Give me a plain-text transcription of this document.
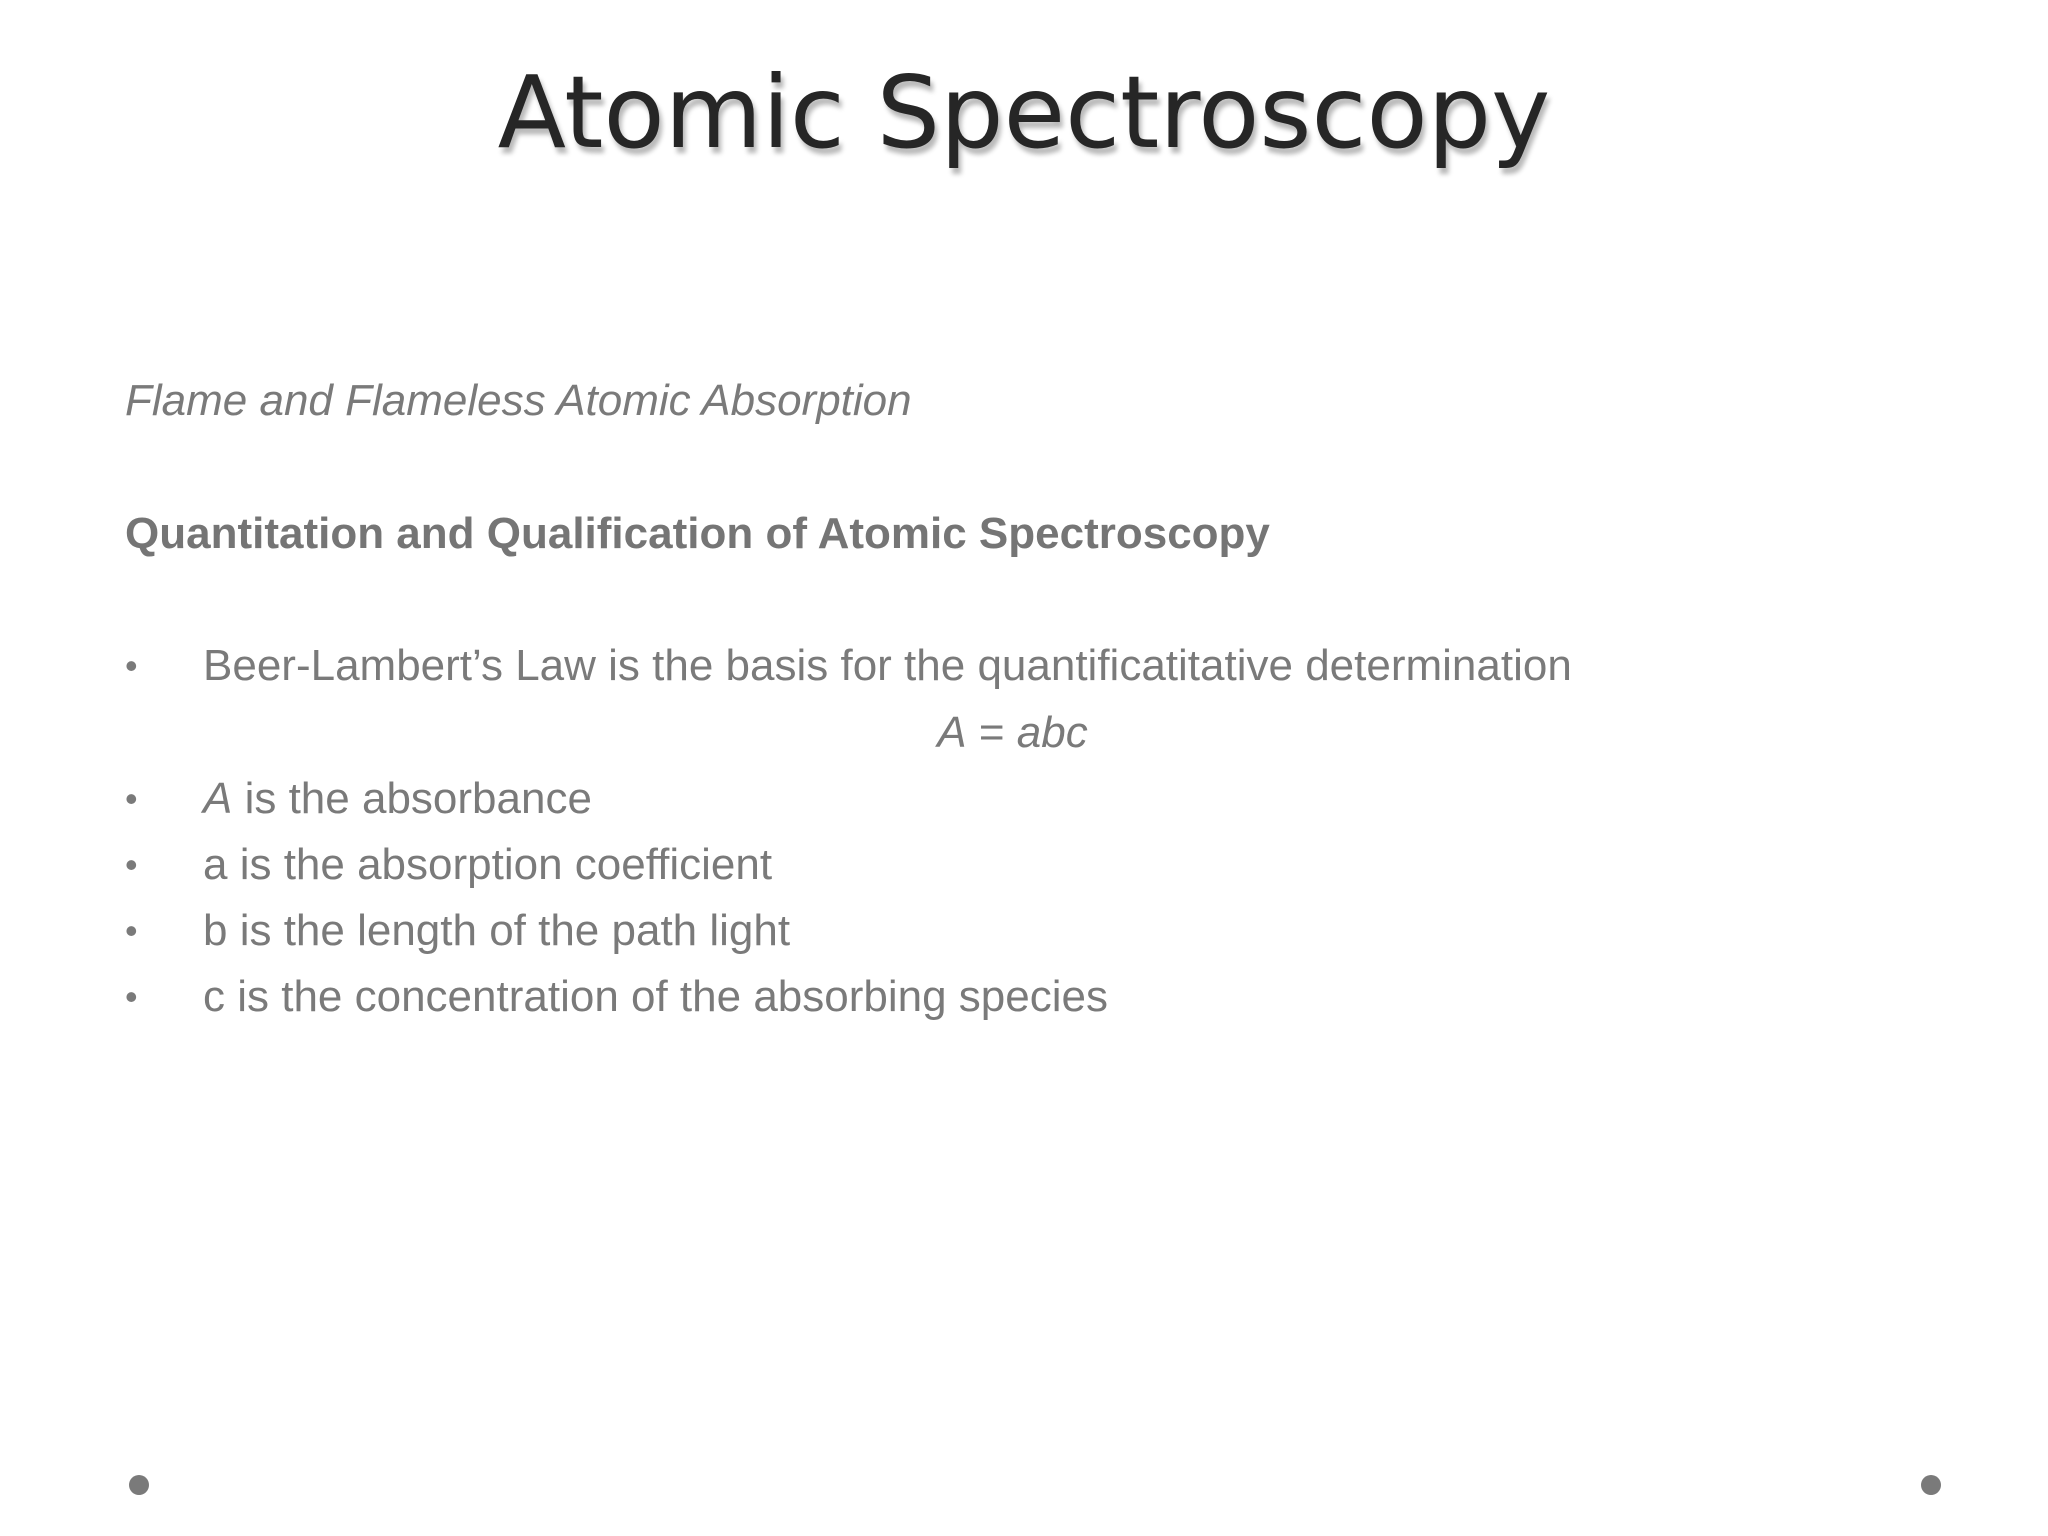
Atomic Spectroscopy
Flame and Flameless Atomic Absorption
Quantitation and Qualification of Atomic Spectroscopy
•	Beer-Lambert’s Law is the basis for the quantificatitative determination
A = abc
•	A is the absorbance
•	a is the absorption coefficient
•	b is the length of the path light
•	c is the concentration of the absorbing species
